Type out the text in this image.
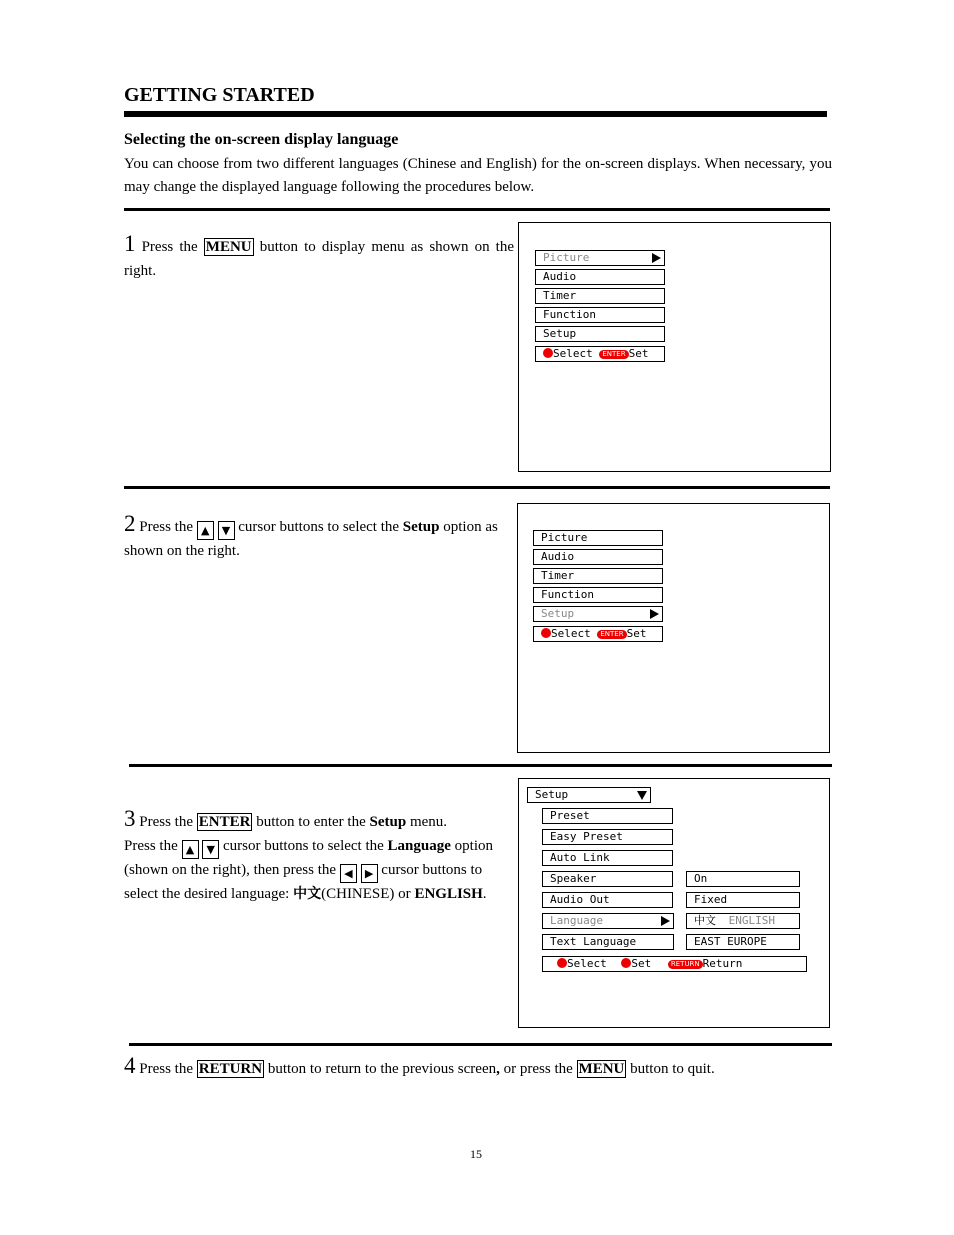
GETTING STARTED
Selecting the on-screen display language
You can choose from two different languages (Chinese and English) for the on-screen displays. When necessary, you may change the displayed language following the procedures below.
1 Press the MENU button to display menu as shown on the right.
Picture
Audio
Timer
Function
Setup
Select ENTER Set
2 Press the ▲ ▼ cursor buttons to select the Setup option as shown on the right.
Picture
Audio
Timer
Function
Setup
Select ENTER Set
3 Press the ENTER button to enter the Setup menu.
Press the ▲ ▼ cursor buttons to select the Language option (shown on the right), then press the ◀ ▶ cursor buttons to select the desired language: 中文(CHINESE) or ENGLISH.
Setup
Preset
Easy Preset
Auto Link
Speaker
Audio Out
Language
Text Language
On
Fixed
中文 ENGLISH
EAST EUROPE
Select Set	RETURN Return
4 Press the RETURN button to return to the previous screen, or press the MENU button to quit.
15
